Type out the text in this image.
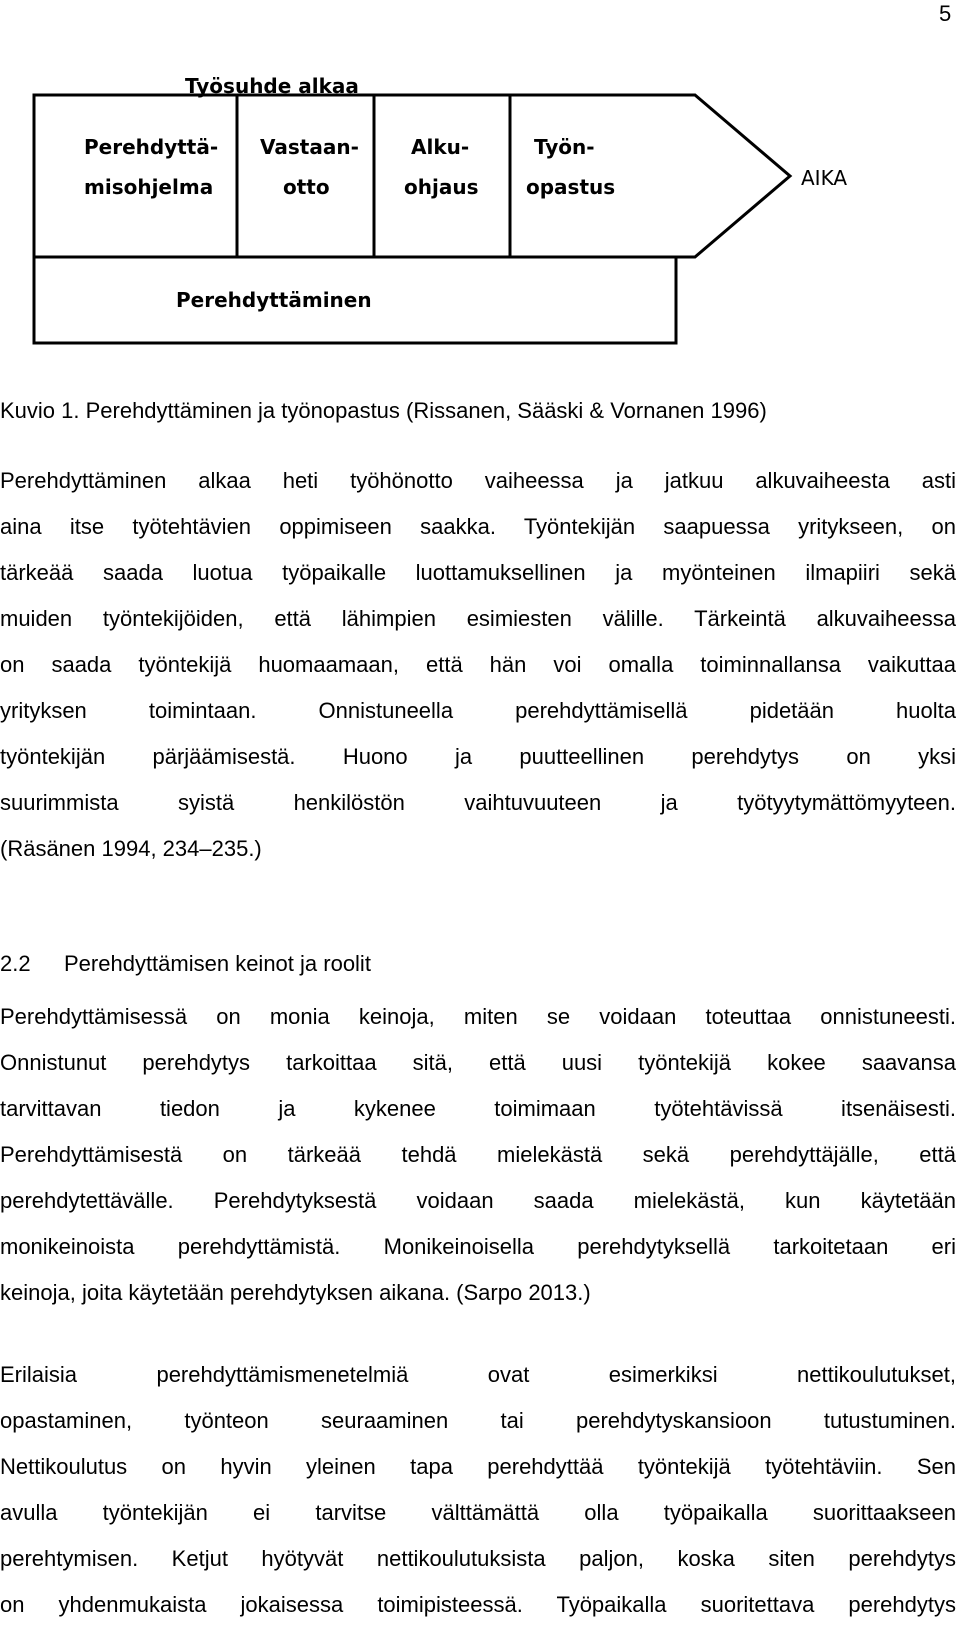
5
Työsuhde alkaa
Perehdyttä-
misohjelma
Vastaan-
otto
Alku-
ohjaus
Työn-
opastus	AIKA
Perehdyttäminen
Kuvio 1. Perehdyttäminen ja työnopastus (Rissanen, Sääski & Vornanen 1996)
Perehdyttäminen alkaa heti työhönotto vaiheessa ja jatkuu alkuvaiheesta asti
aina itse työtehtävien oppimiseen saakka. Työntekijän saapuessa yritykseen, on
tärkeää saada luotua työpaikalle luottamuksellinen ja myönteinen ilmapiiri sekä
muiden työntekijöiden, että lähimpien esimiesten välille. Tärkeintä alkuvaiheessa
on saada työntekijä huomaamaan, että hän voi omalla toiminnallansa vaikuttaa
yrityksen toimintaan. Onnistuneella perehdyttämisellä pidetään huolta
työntekijän pärjäämisestä. Huono ja puutteellinen perehdytys on yksi
suurimmista syistä henkilöstön vaihtuvuuteen ja työtyytymättömyyteen.
(Räsänen 1994, 234–235.)
2.2 Perehdyttämisen keinot ja roolit
Perehdyttämisessä on monia keinoja, miten se voidaan toteuttaa onnistuneesti.
Onnistunut perehdytys tarkoittaa sitä, että uusi työntekijä kokee saavansa
tarvittavan tiedon ja kykenee toimimaan työtehtävissä itsenäisesti.
Perehdyttämisestä on tärkeää tehdä mielekästä sekä perehdyttäjälle, että
perehdytettävälle. Perehdytyksestä voidaan saada mielekästä, kun käytetään
monikeinoista perehdyttämistä. Monikeinoisella perehdytyksellä tarkoitetaan eri
keinoja, joita käytetään perehdytyksen aikana. (Sarpo 2013.)
Erilaisia perehdyttämismenetelmiä ovat esimerkiksi nettikoulutukset,
opastaminen, työnteon seuraaminen tai perehdytyskansioon tutustuminen.
Nettikoulutus on hyvin yleinen tapa perehdyttää työntekijä työtehtäviin. Sen
avulla työntekijän ei tarvitse välttämättä olla työpaikalla suorittaakseen
perehtymisen. Ketjut hyötyvät nettikoulutuksista paljon, koska siten perehdytys
on yhdenmukaista jokaisessa toimipisteessä. Työpaikalla suoritettava perehdytys
